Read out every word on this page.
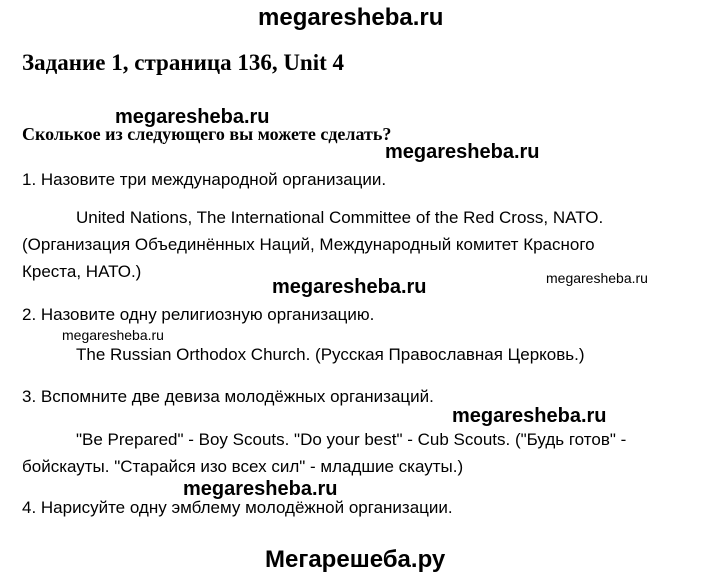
megaresheba.ru
Задание 1, страница 136, Unit 4
megaresheba.ru
Сколькое из следующего вы можете сделать?
megaresheba.ru
1. Назовите три международной организации.
United Nations, The International Committee of the Red Cross, NATO.
(Организация Объединённых Наций, Международный комитет Красного
Креста, НАТО.)
megaresheba.ru	megaresheba.ru
2. Назовите одну религиозную организацию.
megaresheba.ru
The Russian Orthodox Church. (Русская Православная Церковь.)
3. Вспомните две девиза молодёжных организаций.
megaresheba.ru
"Be Prepared" - Boy Scouts. "Do your best" - Cub Scouts. ("Будь готов" -
бойскауты. "Старайся изо всех сил" - младшие скауты.)
megaresheba.ru
4. Нарисуйте одну эмблему молодёжной организации.
Мегарешеба.ру
